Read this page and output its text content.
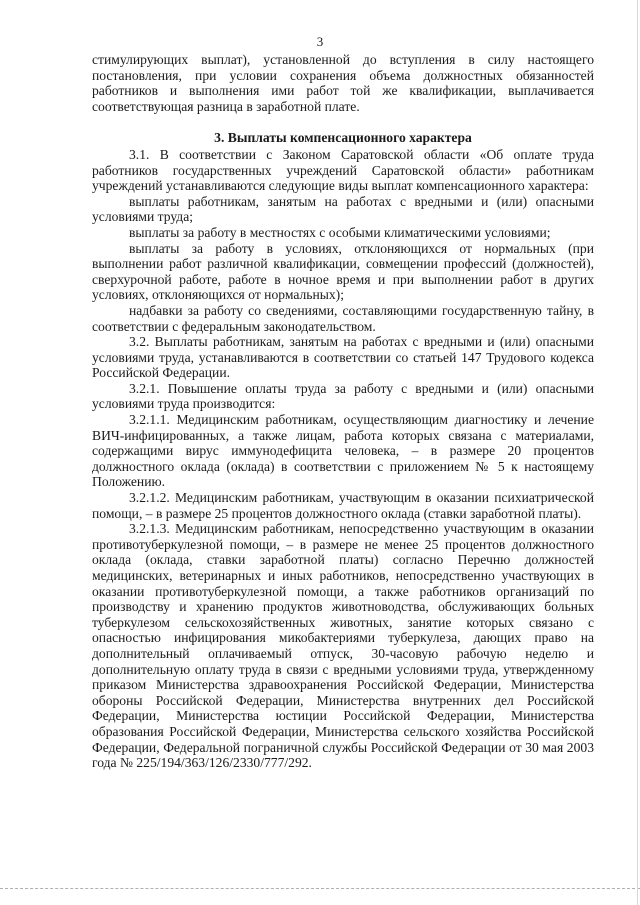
3

стимулирующих выплат), установленной до вступления в силу настоящего постановления, при условии сохранения объема должностных обязанностей работников и выполнения ими работ той же квалификации, выплачивается соответствующая разница в заработной плате.

3. Выплаты компенсационного характера

3.1. В соответствии с Законом Саратовской области «Об оплате труда работников государственных учреждений Саратовской области» работникам учреждений устанавливаются следующие виды выплат компенсационного характера:

выплаты работникам, занятым на работах с вредными и (или) опасными условиями труда;

выплаты за работу в местностях с особыми климатическими условиями;

выплаты за работу в условиях, отклоняющихся от нормальных (при выполнении работ различной квалификации, совмещении профессий (должностей), сверхурочной работе, работе в ночное время и при выполнении работ в других условиях, отклоняющихся от нормальных);

надбавки за работу со сведениями, составляющими государственную тайну, в соответствии с федеральным законодательством.

3.2. Выплаты работникам, занятым на работах с вредными и (или) опасными условиями труда, устанавливаются в соответствии со статьей 147 Трудового кодекса Российской Федерации.

3.2.1. Повышение оплаты труда за работу с вредными и (или) опасными условиями труда производится:

3.2.1.1. Медицинским работникам, осуществляющим диагностику и лечение ВИЧ-инфицированных, а также лицам, работа которых связана с материалами, содержащими вирус иммунодефицита человека, – в размере 20 процентов должностного оклада (оклада) в соответствии с приложением № 5 к настоящему Положению.

3.2.1.2. Медицинским работникам, участвующим в оказании психиатрической помощи, – в размере 25 процентов должностного оклада (ставки заработной платы).

3.2.1.3. Медицинским работникам, непосредственно участвующим в оказании противотуберкулезной помощи, – в размере не менее 25 процентов должностного оклада (оклада, ставки заработной платы) согласно Перечню должностей медицинских, ветеринарных и иных работников, непосредственно участвующих в оказании противотуберкулезной помощи, а также работников организаций по производству и хранению продуктов животноводства, обслуживающих больных туберкулезом сельскохозяйственных животных, занятие которых связано с опасностью инфицирования микобактериями туберкулеза, дающих право на дополнительный оплачиваемый отпуск, 30-часовую рабочую неделю и дополнительную оплату труда в связи с вредными условиями труда, утвержденному приказом Министерства здравоохранения Российской Федерации, Министерства обороны Российской Федерации, Министерства внутренних дел Российской Федерации, Министерства юстиции Российской Федерации, Министерства образования Российской Федерации, Министерства сельского хозяйства Российской Федерации, Федеральной пограничной службы Российской Федерации от 30 мая 2003 года № 225/194/363/126/2330/777/292.
